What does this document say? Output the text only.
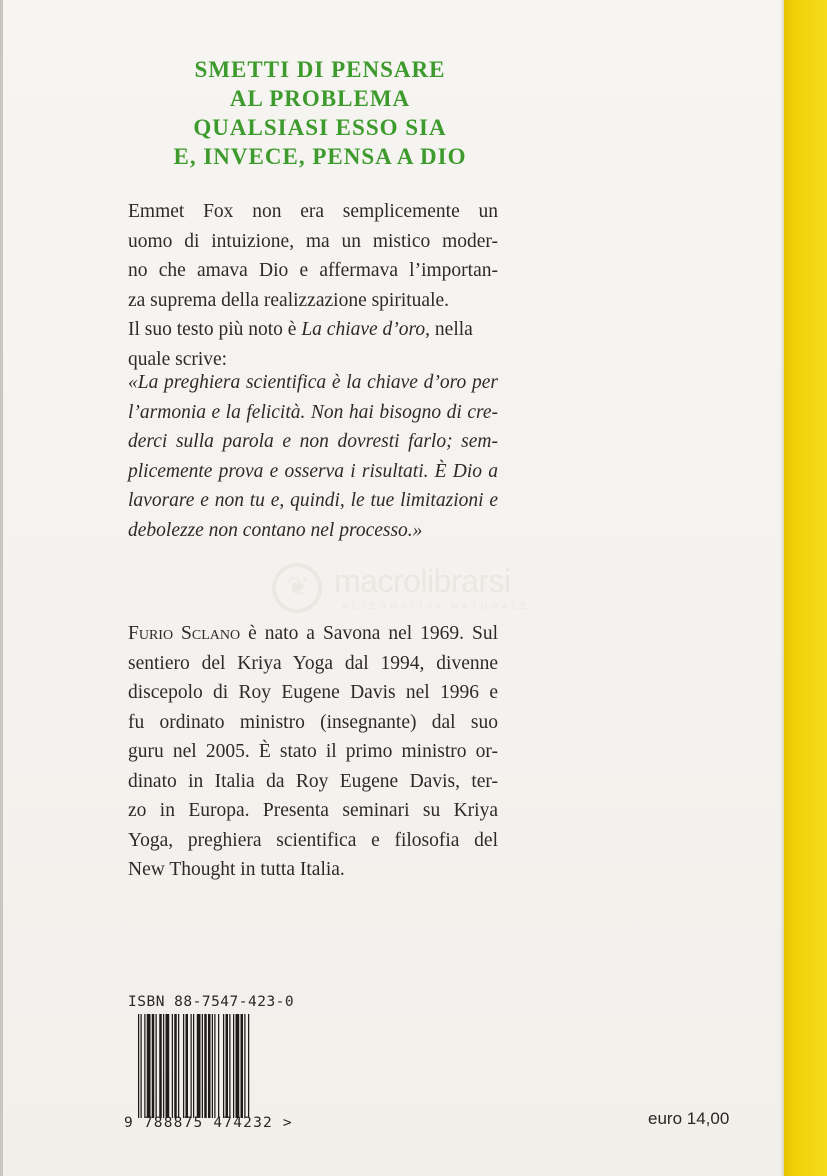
SMETTI DI PENSARE
AL PROBLEMA
QUALSIASI ESSO SIA
E, INVECE, PENSA A DIO
Emmet Fox non era semplicemente un
uomo di intuizione, ma un mistico moder-
no che amava Dio e affermava l’importan-
za suprema della realizzazione spirituale.
Il suo testo più noto è La chiave d’oro, nella
quale scrive:
«La preghiera scientifica è la chiave d’oro per
l’armonia e la felicità. Non hai bisogno di cre-
derci sulla parola e non dovresti farlo; sem-
plicemente prova e osserva i risultati. È Dio a
lavorare e non tu e, quindi, le tue limitazioni e
debolezze non contano nel processo.»
❦ macrolibrarsi
ALTERNATIVA NATURALE
Furio Sclano è nato a Savona nel 1969. Sul
sentiero del Kriya Yoga dal 1994, divenne
discepolo di Roy Eugene Davis nel 1996 e
fu ordinato ministro (insegnante) dal suo
guru nel 2005. È stato il primo ministro or-
dinato in Italia da Roy Eugene Davis, ter-
zo in Europa. Presenta seminari su Kriya
Yoga, preghiera scientifica e filosofia del
New Thought in tutta Italia.
ISBN 88-7547-423-0
9 788875 474232 >	euro 14,00
